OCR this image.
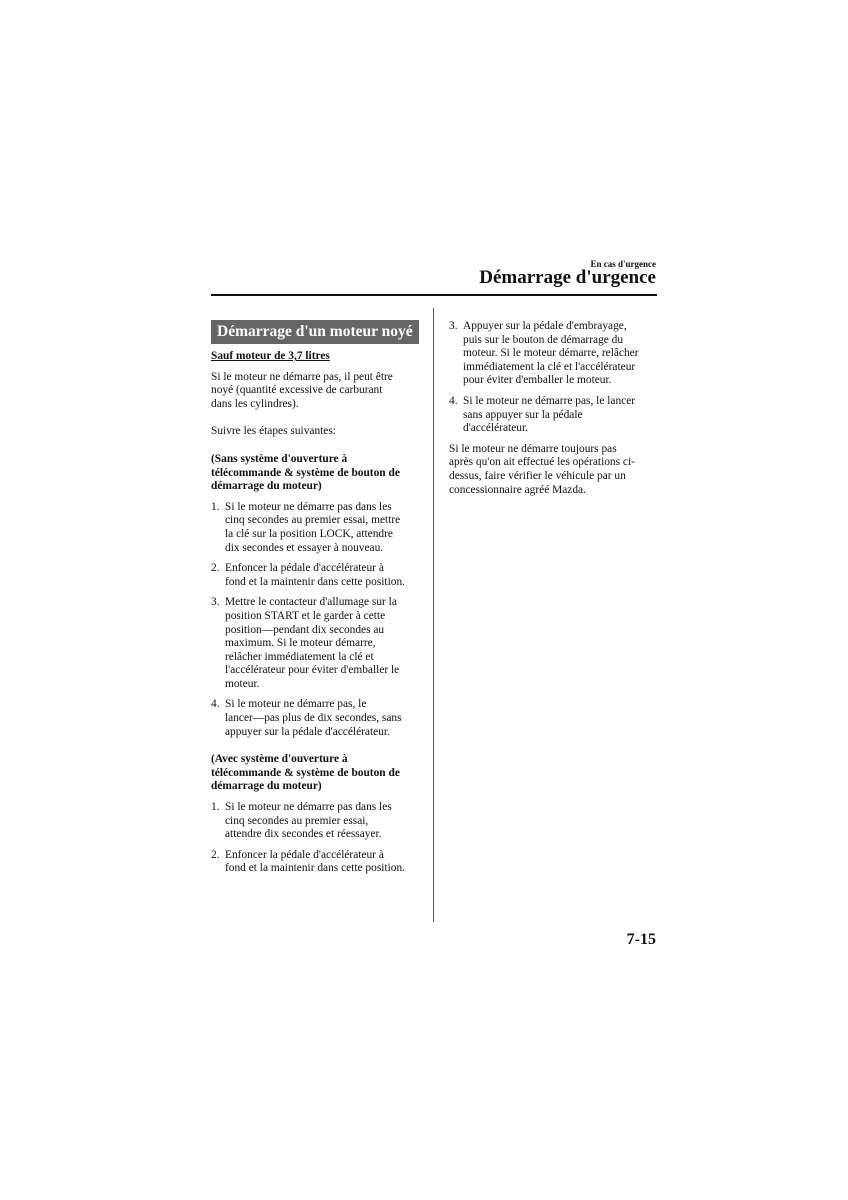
En cas d'urgence
Démarrage d'urgence
Démarrage d'un moteur noyé
Sauf moteur de 3,7 litres

Si le moteur ne démarre pas, il peut être
noyé (quantité excessive de carburant
dans les cylindres).

Suivre les étapes suivantes:

(Sans système d'ouverture à
télécommande & système de bouton de
démarrage du moteur)
1. Si le moteur ne démarre pas dans les
cinq secondes au premier essai, mettre
la clé sur la position LOCK, attendre
dix secondes et essayer à nouveau.
2. Enfoncer la pédale d'accélérateur à
fond et la maintenir dans cette position.
3. Mettre le contacteur d'allumage sur la
position START et le garder à cette
position—pendant dix secondes au
maximum. Si le moteur démarre,
relâcher immédiatement la clé et
l'accélérateur pour éviter d'emballer le
moteur.
4. Si le moteur ne démarre pas, le
lancer—pas plus de dix secondes, sans
appuyer sur la pédale d'accélérateur.
(Avec système d'ouverture à
télécommande & système de bouton de
démarrage du moteur)
1. Si le moteur ne démarre pas dans les
cinq secondes au premier essai,
attendre dix secondes et réessayer.
2. Enfoncer la pédale d'accélérateur à
fond et la maintenir dans cette position.
3. Appuyer sur la pédale d'embrayage,
puis sur le bouton de démarrage du
moteur. Si le moteur démarre, relâcher
immédiatement la clé et l'accélérateur
pour éviter d'emballer le moteur.
4. Si le moteur ne démarre pas, le lancer
sans appuyer sur la pédale
d'accélérateur.

Si le moteur ne démarre toujours pas
après qu'on ait effectué les opérations ci-
dessus, faire vérifier le véhicule par un
concessionnaire agréé Mazda.

7-15
